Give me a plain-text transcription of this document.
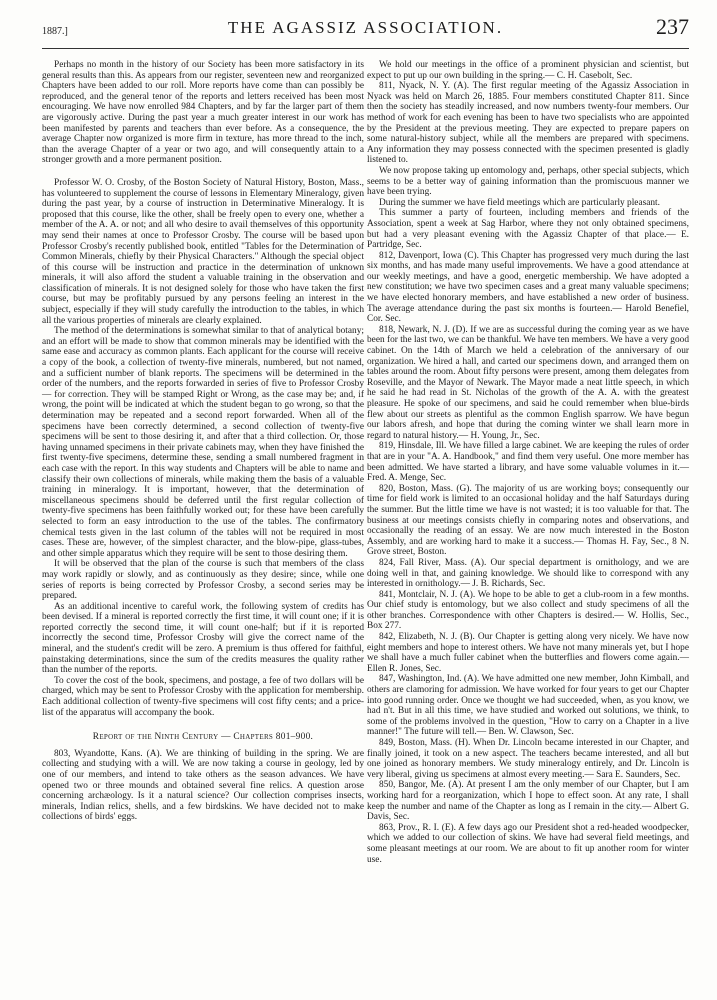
1887.]	THE AGASSIZ ASSOCIATION.	237

Perhaps no month in the history of our Society has been more satisfactory in its general results than this. As appears from our register, seventeen new and reorganized Chapters have been added to our roll. More reports have come than can possibly be reproduced, and the general tenor of the reports and letters received has been most encouraging. We have now enrolled 984 Chapters, and by far the larger part of them are vigorously active. During the past year a much greater interest in our work has been manifested by parents and teachers than ever before. As a consequence, the average Chapter now organized is more firm in texture, has more thread to the inch, than the average Chapter of a year or two ago, and will consequently attain to a stronger growth and a more permanent position.

Professor W. O. Crosby, of the Boston Society of Natural History, Boston, Mass., has volunteered to supplement the course of lessons in Elementary Mineralogy, given during the past year, by a course of instruction in Determinative Mineralogy. It is proposed that this course, like the other, shall be freely open to every one, whether a member of the A. A. or not; and all who desire to avail themselves of this opportunity may send their names at once to Professor Crosby. The course will be based upon Professor Crosby's recently published book, entitled "Tables for the Determination of Common Minerals, chiefly by their Physical Characters." Although the special object of this course will be instruction and practice in the determination of unknown minerals, it will also afford the student a valuable training in the observation and classification of minerals. It is not designed solely for those who have taken the first course, but may be profitably pursued by any persons feeling an interest in the subject, especially if they will study carefully the introduction to the tables, in which all the various properties of minerals are clearly explained.

The method of the determinations is somewhat similar to that of analytical botany; and an effort will be made to show that common minerals may be identified with the same ease and accuracy as common plants. Each applicant for the course will receive a copy of the book, a collection of twenty-five minerals, numbered, but not named, and a sufficient number of blank reports. The specimens will be determined in the order of the numbers, and the reports forwarded in series of five to Professor Crosby — for correction. They will be stamped Right or Wrong, as the case may be; and, if wrong, the point will be indicated at which the student began to go wrong, so that the determination may be repeated and a second report forwarded. When all of the specimens have been correctly determined, a second collection of twenty-five specimens will be sent to those desiring it, and after that a third collection. Or, those having unnamed specimens in their private cabinets may, when they have finished the first twenty-five specimens, determine these, sending a small numbered fragment in each case with the report. In this way students and Chapters will be able to name and classify their own collections of minerals, while making them the basis of a valuable training in mineralogy. It is important, however, that the determination of miscellaneous specimens should be deferred until the first regular collection of twenty-five specimens has been faithfully worked out; for these have been carefully selected to form an easy introduction to the use of the tables. The confirmatory chemical tests given in the last column of the tables will not be required in most cases. These are, however, of the simplest character, and the blow-pipe, glass-tubes, and other simple apparatus which they require will be sent to those desiring them.

It will be observed that the plan of the course is such that members of the class may work rapidly or slowly, and as continuously as they desire; since, while one series of reports is being corrected by Professor Crosby, a second series may be prepared.

As an additional incentive to careful work, the following system of credits has been devised. If a mineral is reported correctly the first time, it will count one; if it is reported correctly the second time, it will count one-half; but if it is reported incorrectly the second time, Professor Crosby will give the correct name of the mineral, and the student's credit will be zero. A premium is thus offered for faithful, painstaking determinations, since the sum of the credits measures the quality rather than the number of the reports.

To cover the cost of the book, specimens, and postage, a fee of two dollars will be charged, which may be sent to Professor Crosby with the application for membership. Each additional collection of twenty-five specimens will cost fifty cents; and a price-list of the apparatus will accompany the book.

Report of the Ninth Century — Chapters 801–900.

803, Wyandotte, Kans. (A). We are thinking of building in the spring. We are collecting and studying with a will. We are now taking a course in geology, led by one of our members, and intend to take others as the season advances. We have opened two or three mounds and obtained several fine relics. A question arose concerning archæology. Is it a natural science? Our collection comprises insects, minerals, Indian relics, shells, and a few birdskins. We have decided not to make collections of birds' eggs.

We hold our meetings in the office of a prominent physician and scientist, but expect to put up our own building in the spring.— C. H. Casebolt, Sec.

811, Nyack, N. Y. (A). The first regular meeting of the Agassiz Association in Nyack was held on March 26, 1885. Four members constituted Chapter 811. Since then the society has steadily increased, and now numbers twenty-four members. Our method of work for each evening has been to have two specialists who are appointed by the President at the previous meeting. They are expected to prepare papers on some natural-history subject, while all the members are prepared with specimens. Any information they may possess connected with the specimen presented is gladly listened to.

We now propose taking up entomology and, perhaps, other special subjects, which seems to be a better way of gaining information than the promiscuous manner we have been trying.

During the summer we have field meetings which are particularly pleasant.

This summer a party of fourteen, including members and friends of the Association, spent a week at Sag Harbor, where they not only obtained specimens, but had a very pleasant evening with the Agassiz Chapter of that place.— E. Partridge, Sec.

812, Davenport, Iowa (C). This Chapter has progressed very much during the last six months, and has made many useful improvements. We have a good attendance at our weekly meetings, and have a good, energetic membership. We have adopted a new constitution; we have two specimen cases and a great many valuable specimens; we have elected honorary members, and have established a new order of business. The average attendance during the past six months is fourteen.— Harold Benefiel, Cor. Sec.

818, Newark, N. J. (D). If we are as successful during the coming year as we have been for the last two, we can be thankful. We have ten members. We have a very good cabinet. On the 14th of March we held a celebration of the anniversary of our organization. We hired a hall, and carted our specimens down, and arranged them on tables around the room. About fifty persons were present, among them delegates from Roseville, and the Mayor of Newark. The Mayor made a neat little speech, in which he said he had read in St. Nicholas of the growth of the A. A. with the greatest pleasure. He spoke of our specimens, and said he could remember when blue-birds flew about our streets as plentiful as the common English sparrow. We have begun our labors afresh, and hope that during the coming winter we shall learn more in regard to natural history.— H. Young, Jr., Sec.

819, Hinsdale, Ill. We have filled a large cabinet. We are keeping the rules of order that are in your "A. A. Handbook," and find them very useful. One more member has been admitted. We have started a library, and have some valuable volumes in it.— Fred. A. Menge, Sec.

820, Boston, Mass. (G). The majority of us are working boys; consequently our time for field work is limited to an occasional holiday and the half Saturdays during the summer. But the little time we have is not wasted; it is too valuable for that. The business at our meetings consists chiefly in comparing notes and observations, and occasionally the reading of an essay. We are now much interested in the Boston Assembly, and are working hard to make it a success.— Thomas H. Fay, Sec., 8 N. Grove street, Boston.

824, Fall River, Mass. (A). Our special department is ornithology, and we are doing well in that, and gaining knowledge. We should like to correspond with any interested in ornithology.— J. B. Richards, Sec.

841, Montclair, N. J. (A). We hope to be able to get a club-room in a few months. Our chief study is entomology, but we also collect and study specimens of all the other branches. Correspondence with other Chapters is desired.— W. Hollis, Sec., Box 277.

842, Elizabeth, N. J. (B). Our Chapter is getting along very nicely. We have now eight members and hope to interest others. We have not many minerals yet, but I hope we shall have a much fuller cabinet when the butterflies and flowers come again.— Ellen R. Jones, Sec.

847, Washington, Ind. (A). We have admitted one new member, John Kimball, and others are clamoring for admission. We have worked for four years to get our Chapter into good running order. Once we thought we had succeeded, when, as you know, we had n't. But in all this time, we have studied and worked out solutions, we think, to some of the problems involved in the question, "How to carry on a Chapter in a live manner!" The future will tell.— Ben. W. Clawson, Sec.

849, Boston, Mass. (H). When Dr. Lincoln became interested in our Chapter, and finally joined, it took on a new aspect. The teachers became interested, and all but one joined as honorary members. We study mineralogy entirely, and Dr. Lincoln is very liberal, giving us specimens at almost every meeting.— Sara E. Saunders, Sec.

850, Bangor, Me. (A). At present I am the only member of our Chapter, but I am working hard for a reorganization, which I hope to effect soon. At any rate, I shall keep the number and name of the Chapter as long as I remain in the city.— Albert G. Davis, Sec.

863, Prov., R. I. (E). A few days ago our President shot a red-headed woodpecker, which we added to our collection of skins. We have had several field meetings, and some pleasant meetings at our room. We are about to fit up another room for winter use.
